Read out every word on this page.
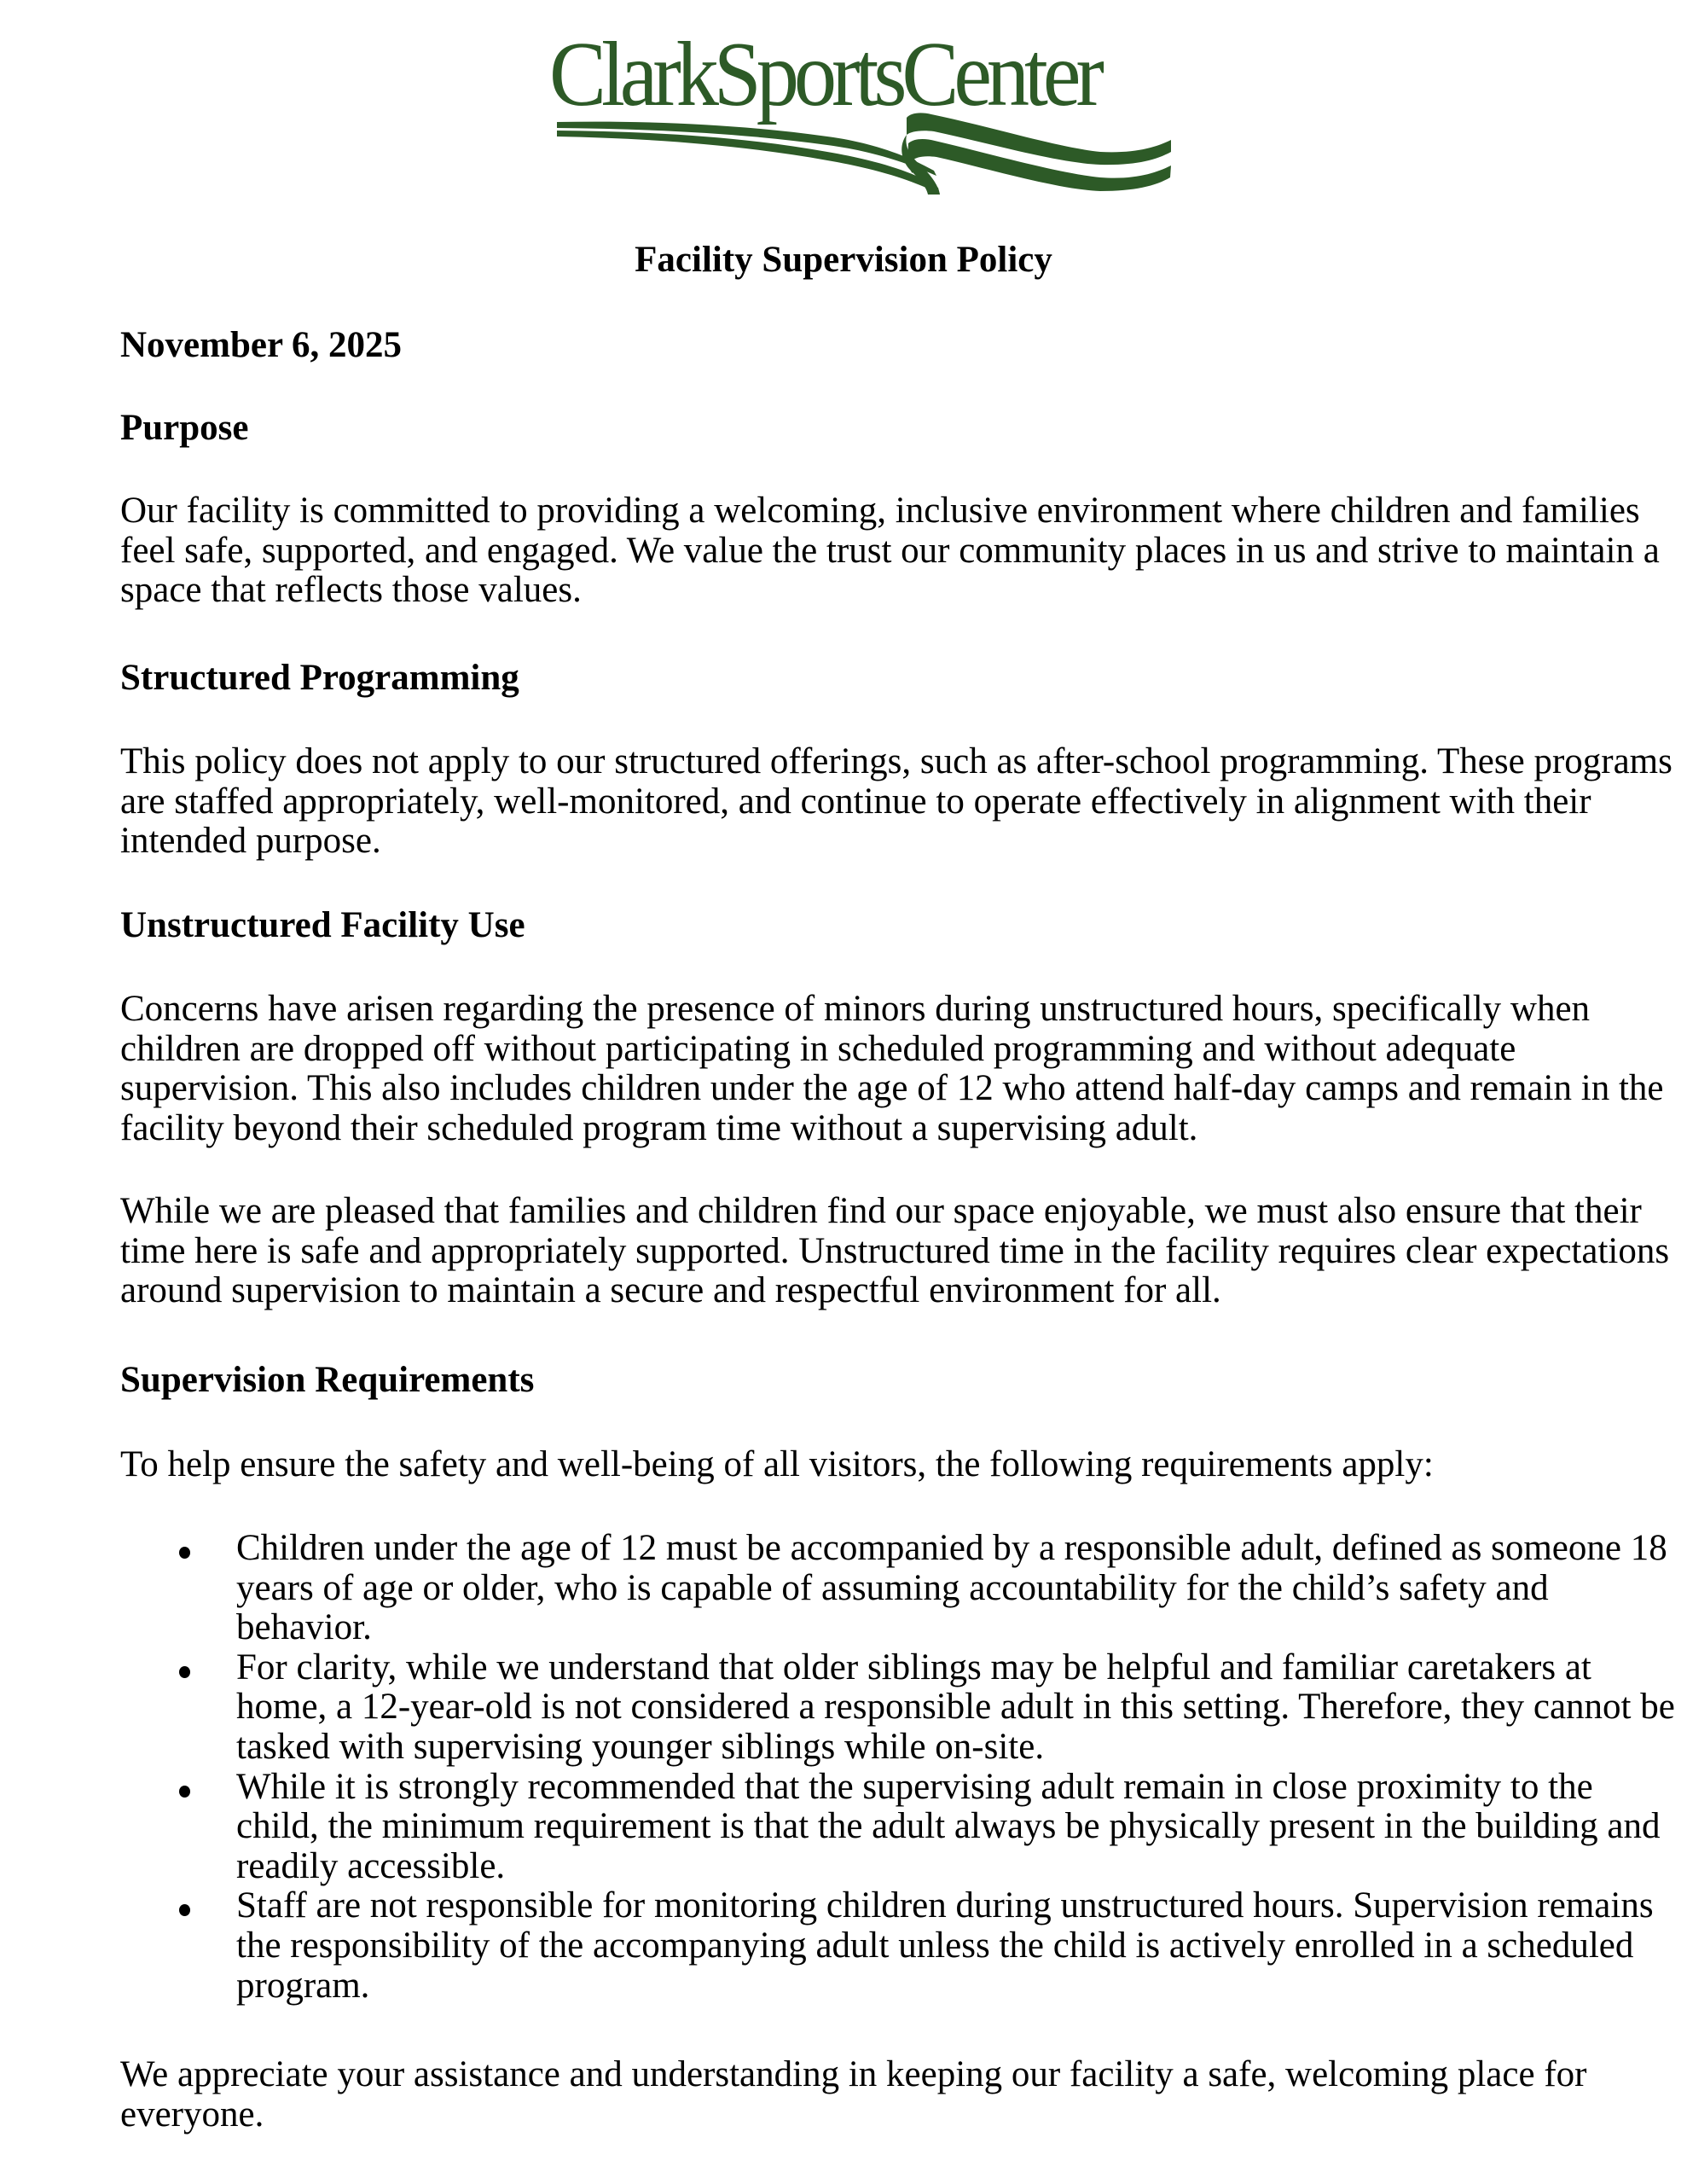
ClarkSportsCenter
Facility Supervision Policy
November 6, 2025
Purpose
Our facility is committed to providing a welcoming, inclusive environment where children and families
feel safe, supported, and engaged. We value the trust our community places in us and strive to maintain a
space that reflects those values.
Structured Programming
This policy does not apply to our structured offerings, such as after-school programming. These programs
are staffed appropriately, well-monitored, and continue to operate effectively in alignment with their
intended purpose.
Unstructured Facility Use
Concerns have arisen regarding the presence of minors during unstructured hours, specifically when
children are dropped off without participating in scheduled programming and without adequate
supervision. This also includes children under the age of 12 who attend half-day camps and remain in the
facility beyond their scheduled program time without a supervising adult.
While we are pleased that families and children find our space enjoyable, we must also ensure that their
time here is safe and appropriately supported. Unstructured time in the facility requires clear expectations
around supervision to maintain a secure and respectful environment for all.
Supervision Requirements
To help ensure the safety and well-being of all visitors, the following requirements apply:
Children under the age of 12 must be accompanied by a responsible adult, defined as someone 18
years of age or older, who is capable of assuming accountability for the child’s safety and
behavior.
For clarity, while we understand that older siblings may be helpful and familiar caretakers at
home, a 12-year-old is not considered a responsible adult in this setting. Therefore, they cannot be
tasked with supervising younger siblings while on-site.
While it is strongly recommended that the supervising adult remain in close proximity to the
child, the minimum requirement is that the adult always be physically present in the building and
readily accessible.
Staff are not responsible for monitoring children during unstructured hours. Supervision remains
the responsibility of the accompanying adult unless the child is actively enrolled in a scheduled
program.
We appreciate your assistance and understanding in keeping our facility a safe, welcoming place for
everyone.
